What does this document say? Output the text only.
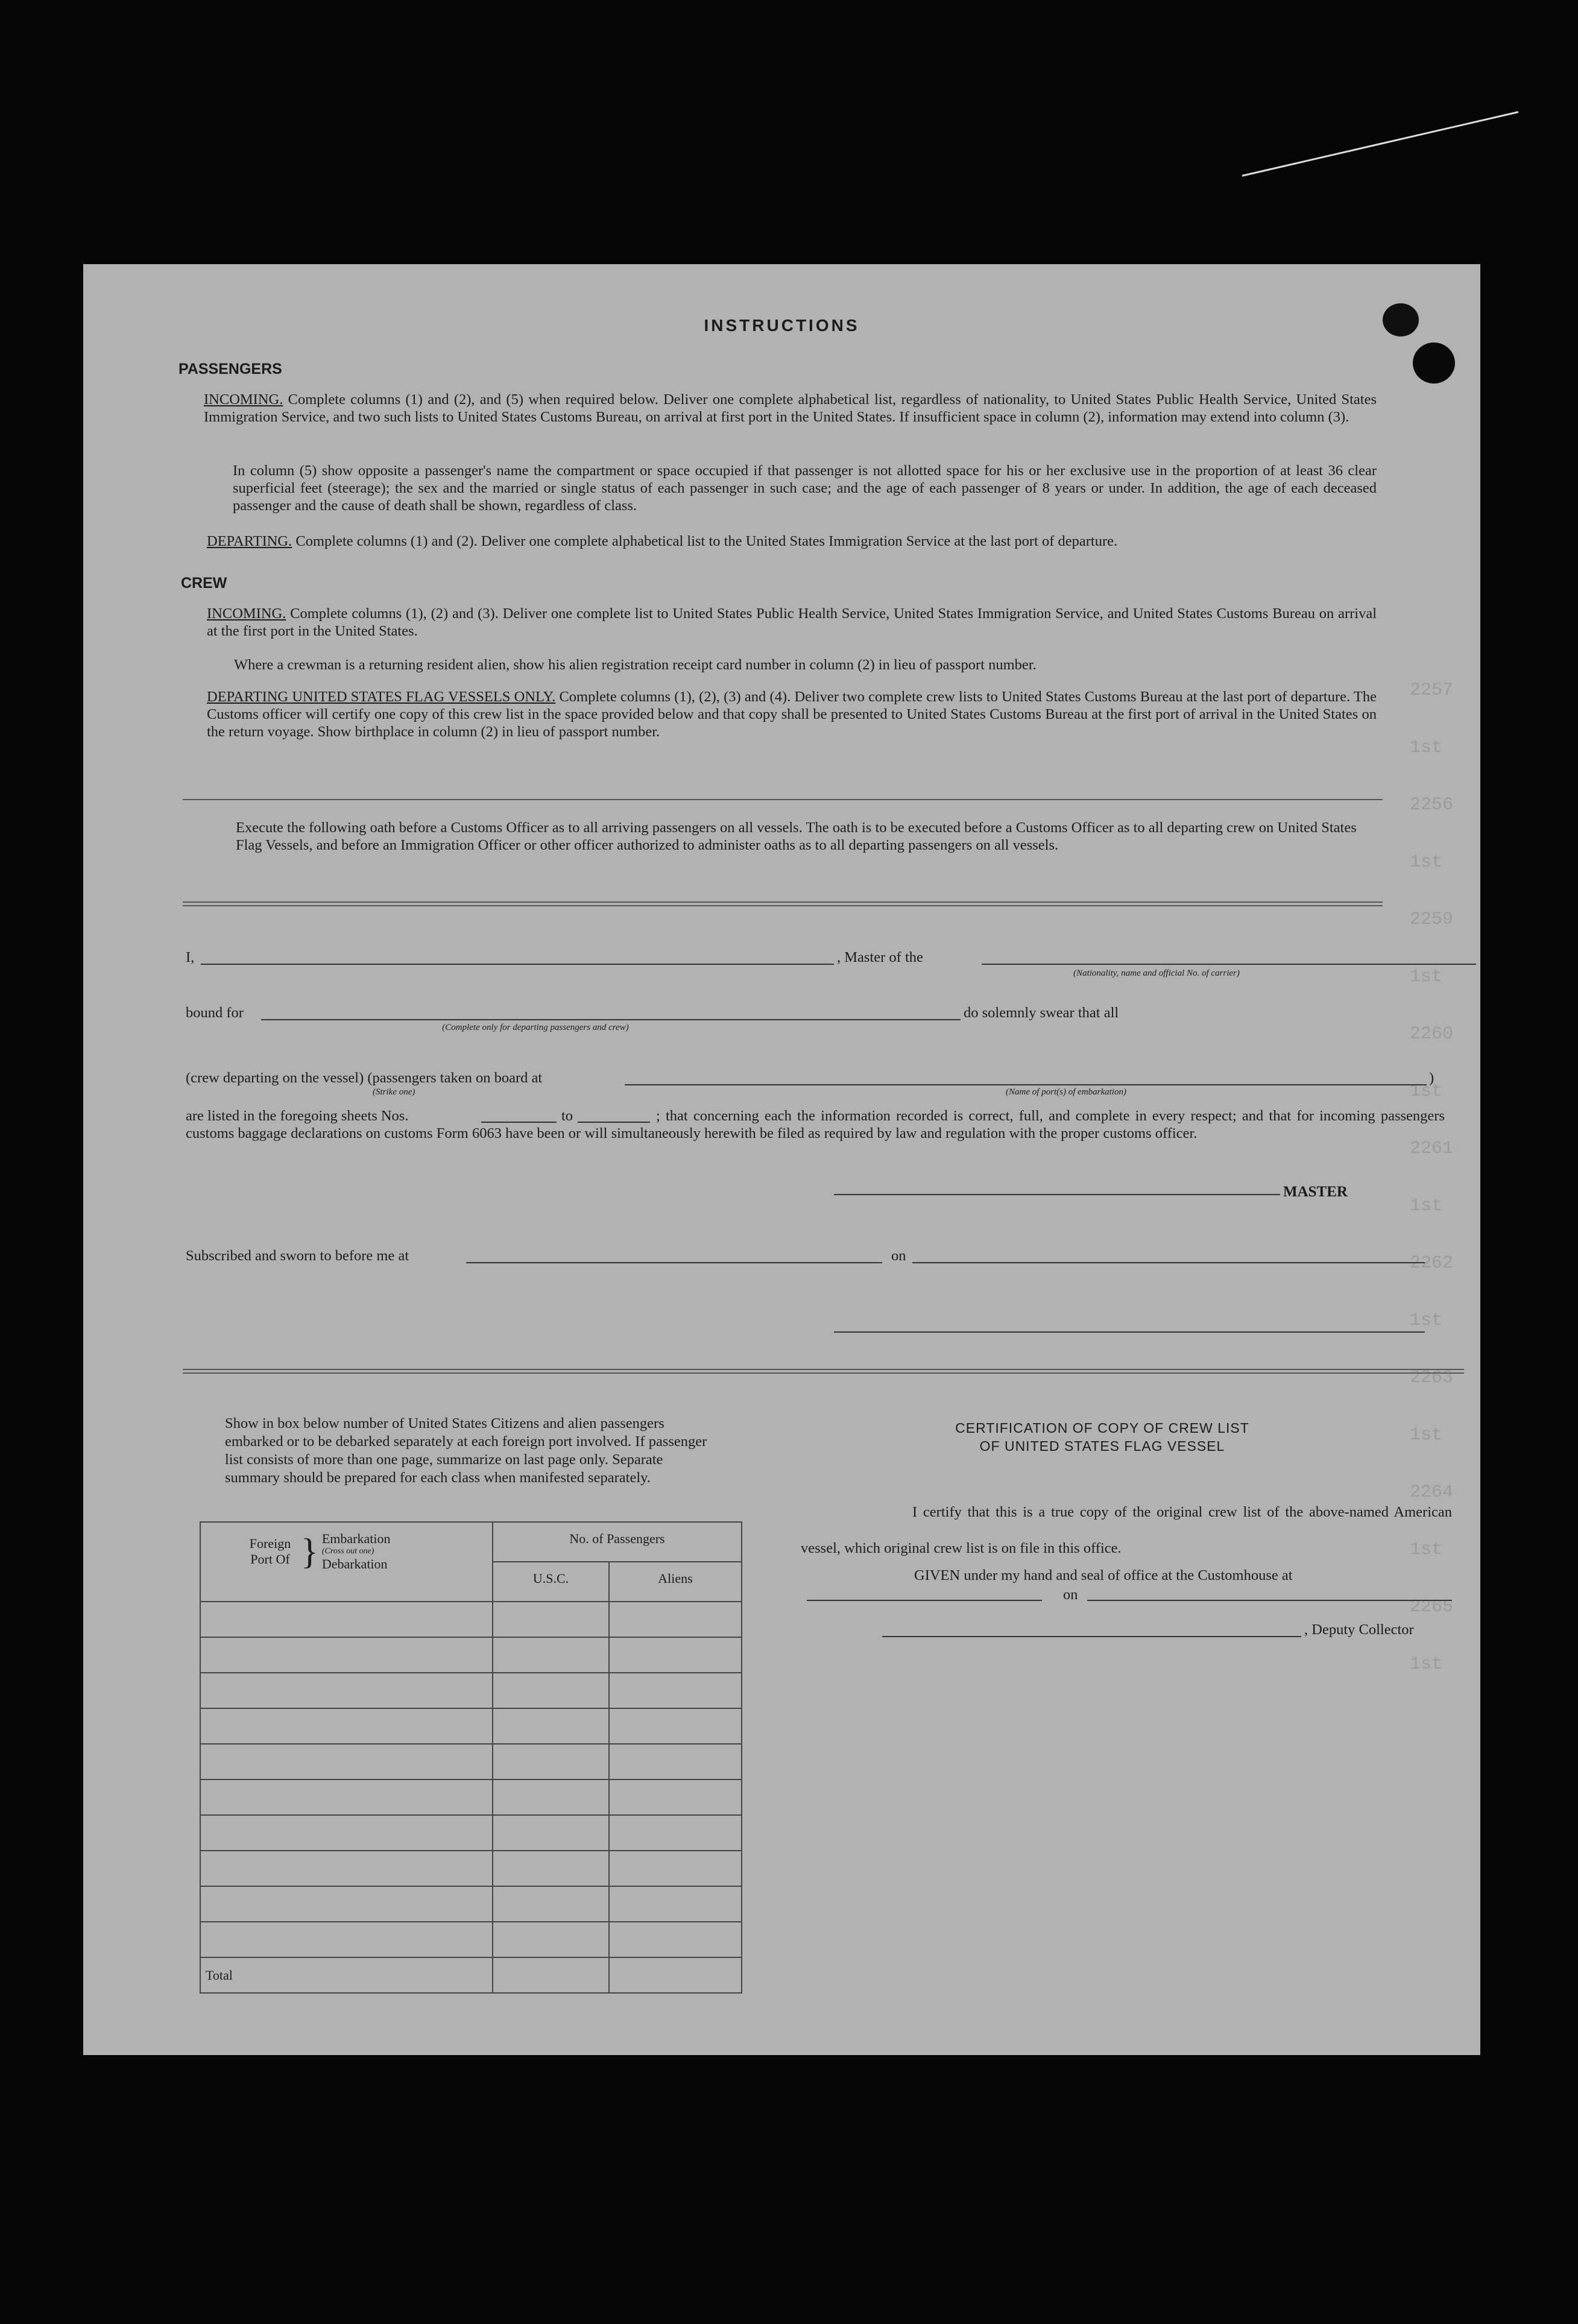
2257 1st
2256 1st
2259 1st
2260 1st
2261 1st
2262 1st
2263 1st
2264 1st
2265 1st
INSTRUCTIONS
PASSENGERS
INCOMING. Complete columns (1) and (2), and (5) when required below. Deliver one complete alphabetical list, regardless of nationality, to United States Public Health Service, United States Immigration Service, and two such lists to United States Customs Bureau, on arrival at first port in the United States. If insufficient space in column (2), information may extend into column (3).
In column (5) show opposite a passenger's name the compartment or space occupied if that passenger is not allotted space for his or her exclusive use in the proportion of at least 36 clear superficial feet (steerage); the sex and the married or single status of each passenger in such case; and the age of each passenger of 8 years or under. In addition, the age of each deceased passenger and the cause of death shall be shown, regardless of class.
DEPARTING. Complete columns (1) and (2). Deliver one complete alphabetical list to the United States Immigration Service at the last port of departure.
CREW
INCOMING. Complete columns (1), (2) and (3). Deliver one complete list to United States Public Health Service, United States Immigration Service, and United States Customs Bureau on arrival at the first port in the United States.
Where a crewman is a returning resident alien, show his alien registration receipt card number in column (2) in lieu of passport number.
DEPARTING UNITED STATES FLAG VESSELS ONLY. Complete columns (1), (2), (3) and (4). Deliver two complete crew lists to United States Customs Bureau at the last port of departure. The Customs officer will certify one copy of this crew list in the space provided below and that copy shall be presented to United States Customs Bureau at the first port of arrival in the United States on the return voyage. Show birthplace in column (2) in lieu of passport number.
Execute the following oath before a Customs Officer as to all arriving passengers on all vessels. The oath is to be executed before a Customs Officer as to all departing crew on United States Flag Vessels, and before an Immigration Officer or other officer authorized to administer oaths as to all departing passengers on all vessels.
I,	, Master of the
(Nationality, name and official No. of carrier)
bound for
(Complete only for departing passengers and crew)
do solemnly swear that all
(crew departing on the vessel) (passengers taken on board at
(Strike one)	(Name of port(s) of embarkation)
)
are listed in the foregoing sheets Nos.	to	; that concerning each the information recorded is correct, full, and complete in every respect; and that for incoming passengers customs baggage declarations on customs Form 6063 have been or will simultaneously herewith be filed as required by law and regulation with the proper customs officer.
MASTER
Subscribed and sworn to before me at	on
Show in box below number of United States Citizens and alien passengers embarked or to be debarked separately at each foreign port involved. If passenger list consists of more than one page, summarize on last page only. Separate summary should be prepared for each class when manifested separately.
Foreign Port Of } Embarkation
(Cross out one)
Debarkation	No. of Passengers	
	U.S.C.	Aliens

Total		
CERTIFICATION OF COPY OF CREW LIST
OF UNITED STATES FLAG VESSEL
I certify that this is a true copy of the original crew list of the above-named American vessel, which original crew list is on file in this office.
GIVEN under my hand and seal of office at the Customhouse at
on
, Deputy Collector
